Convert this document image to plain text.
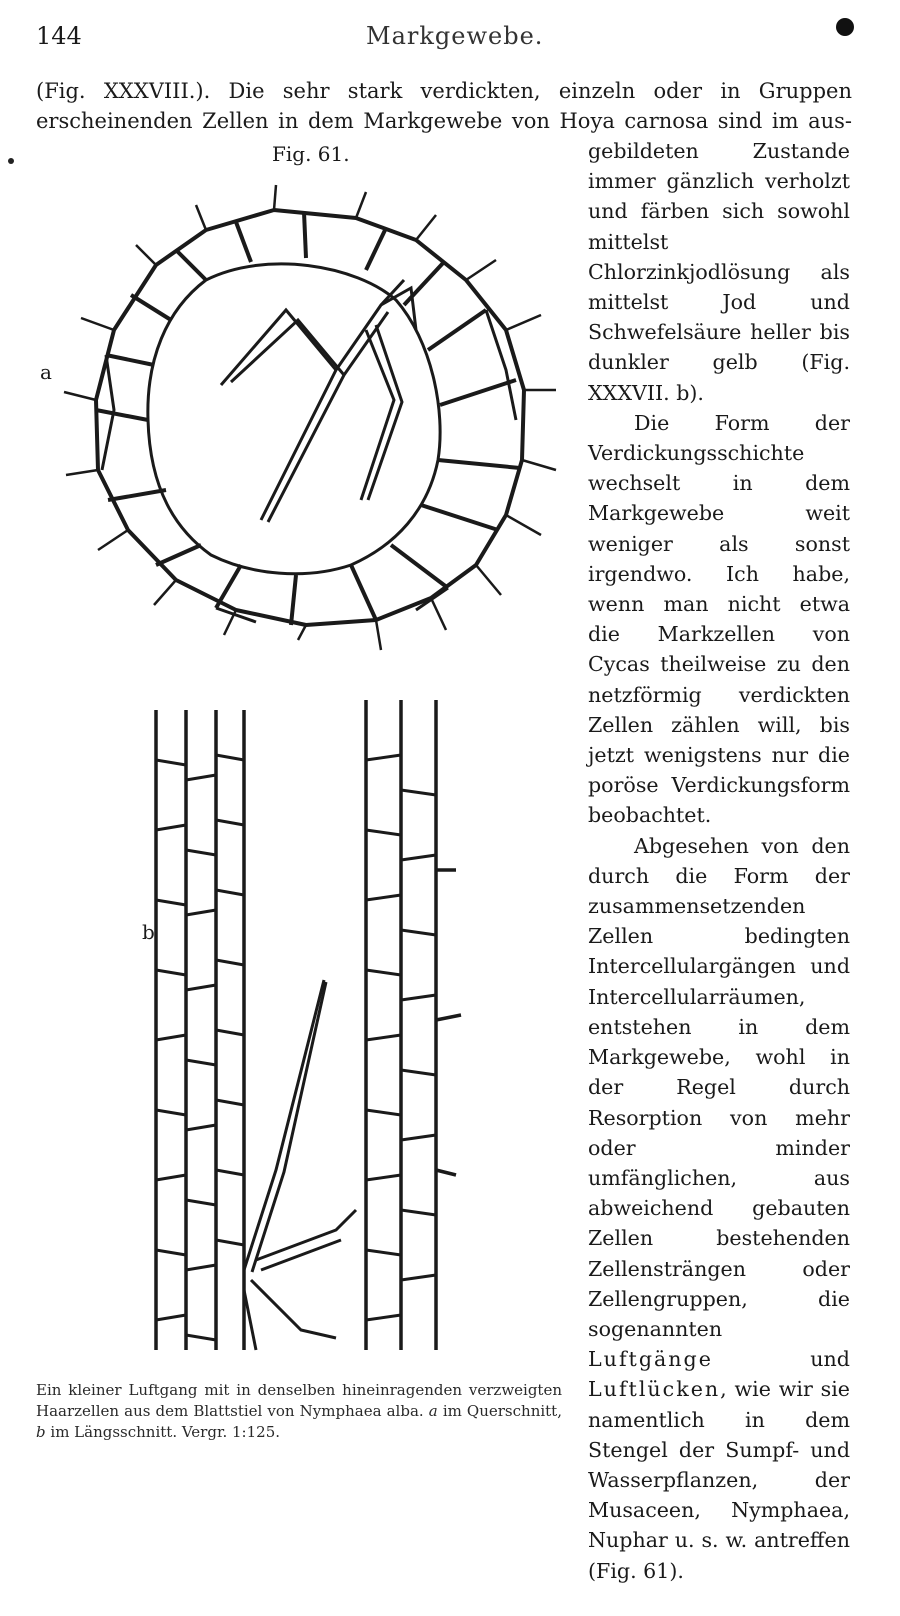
144	Markgewebe.
(Fig. XXXVIII.). Die sehr stark verdickten, einzeln oder in Gruppen
erscheinenden Zellen in dem Markgewebe von Hoya carnosa sind im aus-
Fig. 61.
a
b

gebildeten Zustande immer gänzlich verholzt und färben sich sowohl mittelst Chlorzinkjodlösung als mittelst Jod und Schwefelsäure heller bis dunkler gelb (Fig. XXXVII. b).

Die Form der Verdickungsschichte wechselt in dem Markgewebe weit weniger als sonst irgendwo. Ich habe, wenn man nicht etwa die Markzellen von Cycas theilweise zu den netzförmig verdickten Zellen zählen will, bis jetzt wenigstens nur die poröse Verdickungsform beobachtet.

Abgesehen von den durch die Form der zusammensetzenden Zellen bedingten Intercellulargängen und Intercellularräumen, entstehen in dem Markgewebe, wohl in der Regel durch Resorption von mehr oder minder umfänglichen, aus abweichend gebauten Zellen bestehenden Zellensträngen oder Zellengruppen, die sogenannten Luftgänge	und Luftlücken, wie wir sie namentlich in dem Stengel der Sumpf- und Wasserpflanzen, der Musaceen, Nymphaea, Nuphar u. s. w. antreffen (Fig. 61).

Ein kleiner Luftgang mit in denselben hineinragenden verzweigten Haarzellen aus dem Blattstiel von Nymphaea alba. a im Querschnitt, b im Längsschnitt. Vergr. 1:125.
